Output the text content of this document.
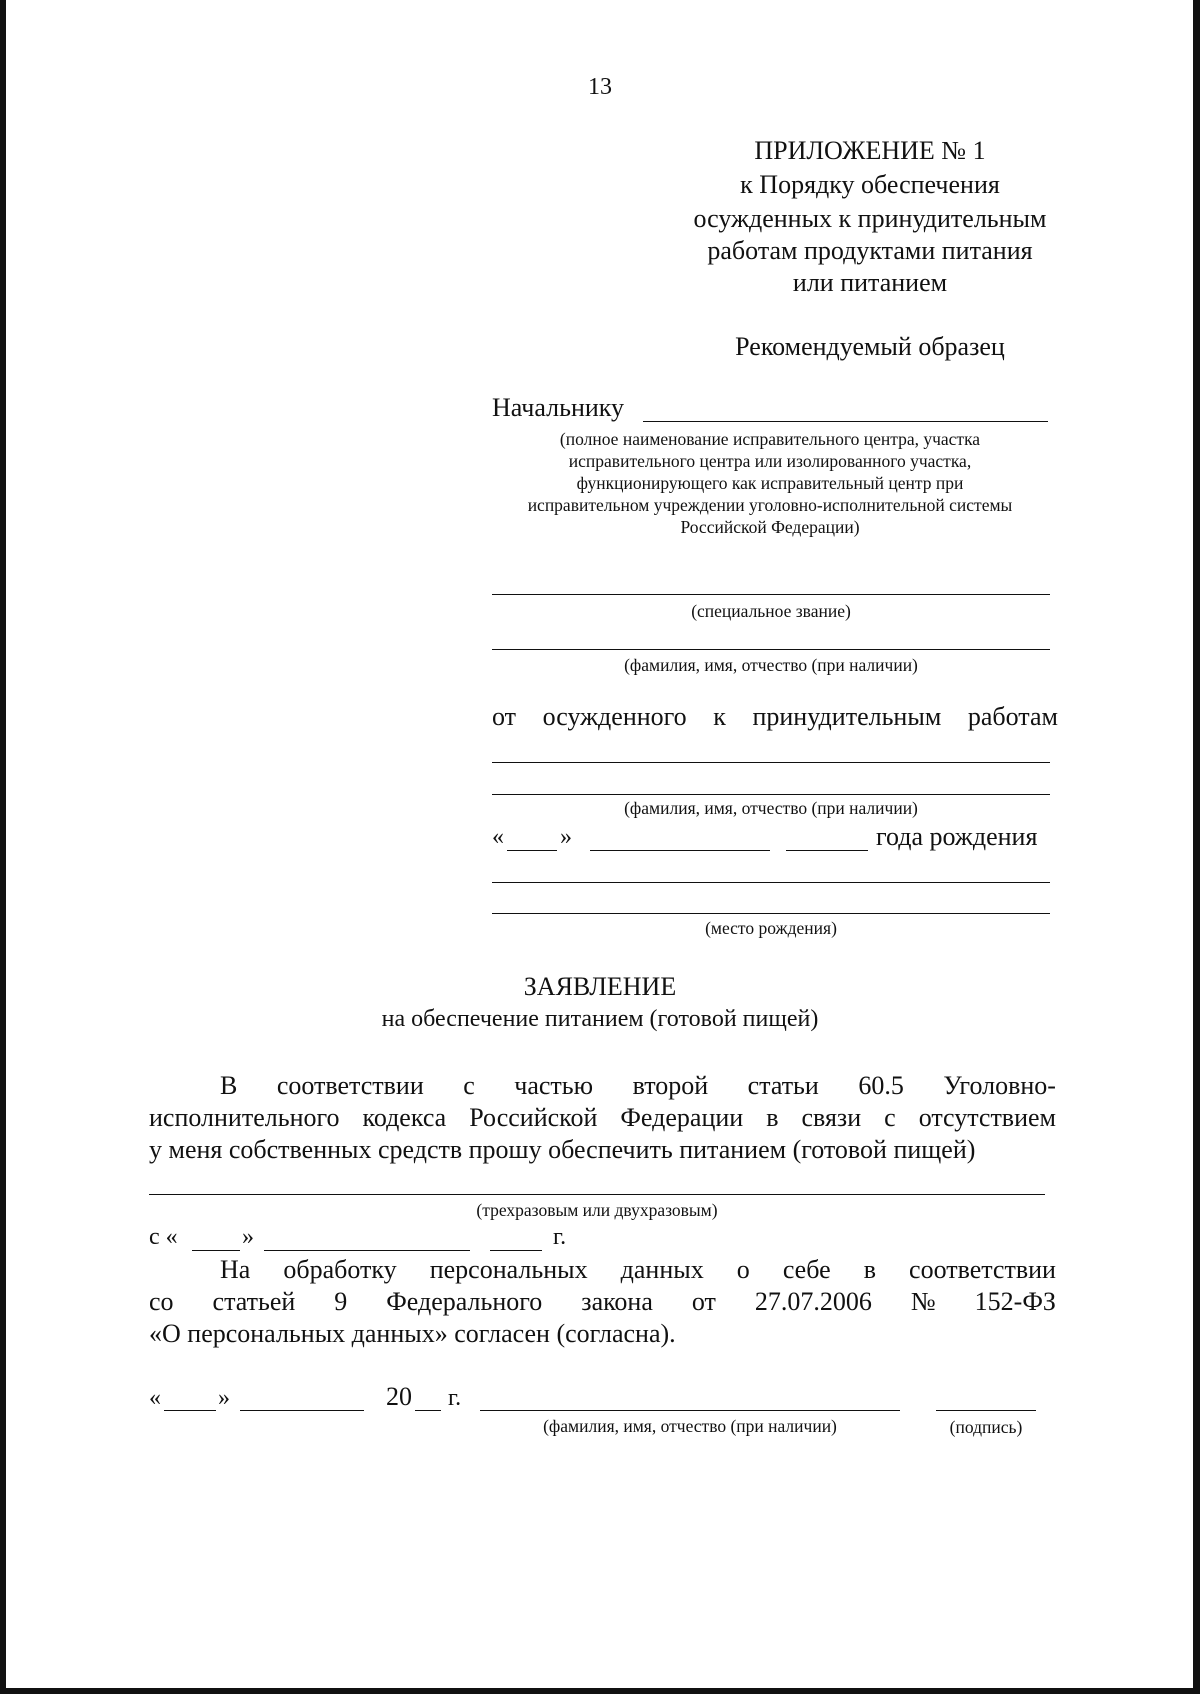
13
ПРИЛОЖЕНИЕ № 1
к Порядку обеспечения
осужденных к принудительным
работам продуктами питания
или питанием
Рекомендуемый образец
Начальнику
(полное наименование исправительного центра, участка
исправительного центра или изолированного участка,
функционирующего как исправительный центр при
исправительном учреждении уголовно-исполнительной системы
Российской Федерации)
(специальное звание)
(фамилия, имя, отчество (при наличии)
от осужденного к принудительным работам
(фамилия, имя, отчество (при наличии)
« »	года рождения
(место рождения)
ЗАЯВЛЕНИЕ
на обеспечение питанием (готовой пищей)
В соответствии с частью второй статьи 60.5 Уголовно-
исполнительного кодекса Российской Федерации в связи с отсутствием
у меня собственных средств прошу обеспечить питанием (готовой пищей)
(трехразовым или двухразовым)
с «	»	г.
На обработку персональных данных о себе в соответствии
со статьей 9 Федерального закона от 27.07.2006 № 152-ФЗ
«О персональных данных» согласен (согласна).
« »	20 г.
(фамилия, имя, отчество (при наличии)	(подпись)
